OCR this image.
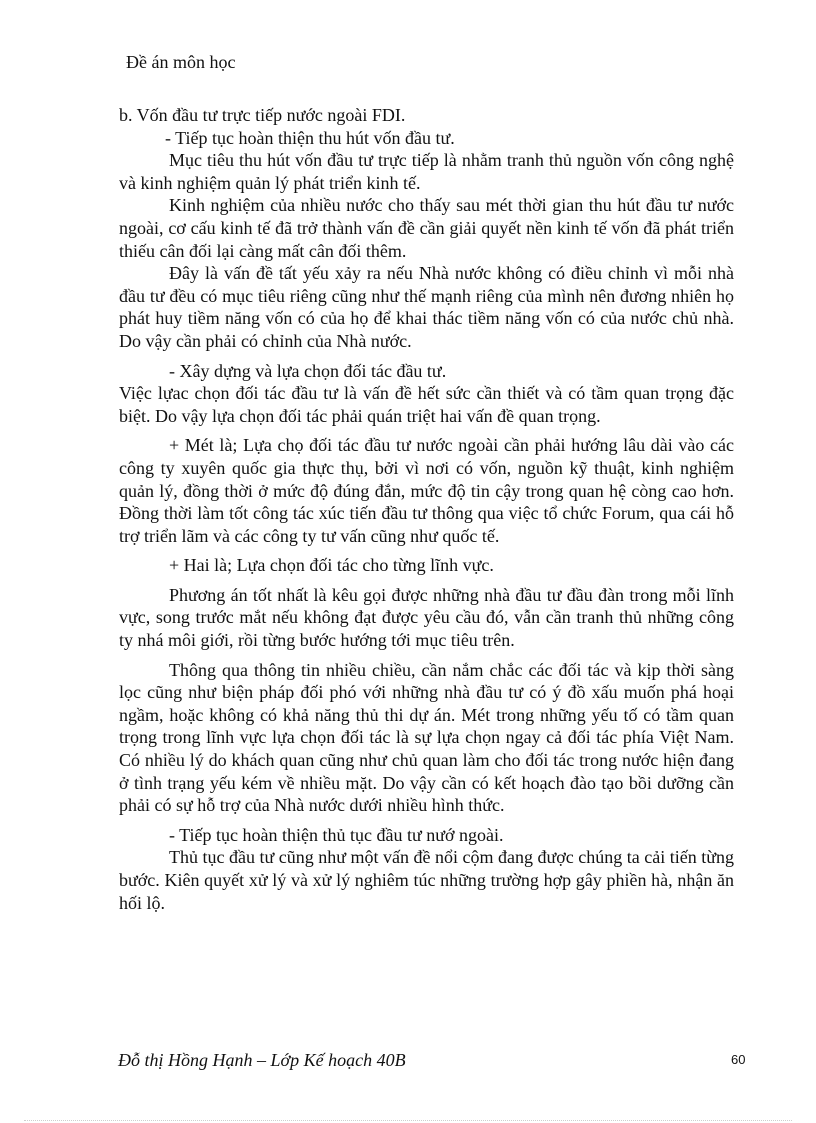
Đề án môn học

b. Vốn đầu tư trực tiếp nước ngoài FDI.

- Tiếp tục hoàn thiện thu hút vốn đầu tư.

Mục tiêu thu hút vốn đầu tư trực tiếp là nhằm tranh thủ nguồn vốn công nghệ và kinh nghiệm quản lý phát triển kinh tế.

Kinh nghiệm của nhiều nước cho thấy sau mét thời gian thu hút đầu tư nước ngoài, cơ cấu kinh tế đã trở thành vấn đề cần giải quyết nền kinh tế vốn đã phát triển thiếu cân đối lại càng mất cân đối thêm.

Đây là vấn đề tất yếu xảy ra nếu Nhà nước không có điều chỉnh vì mỗi nhà đầu tư đều có mục tiêu riêng cũng như thế mạnh riêng của mình nên đương nhiên họ phát huy tiềm năng vốn có của họ để khai thác tiềm năng vốn có của nước chủ nhà. Do vậy cần phải có chỉnh của Nhà nước.

- Xây dựng và lựa chọn đối tác đầu tư.

Việc lựac chọn đối tác đầu tư là vấn đề hết sức cần thiết và có tầm quan trọng đặc biệt. Do vậy lựa chọn đối tác phải quán triệt hai vấn đề quan trọng.

+ Mét là; Lựa chọ đối tác đầu tư nước ngoài cần phải hướng lâu dài vào các công ty xuyên quốc gia thực thụ, bởi vì nơi có vốn, nguồn kỹ thuật, kinh nghiệm quản lý, đồng thời ở mức độ đúng đắn, mức độ tin cậy trong quan hệ còng cao hơn. Đồng thời làm tốt công tác xúc tiến đầu tư thông qua việc tổ chức Forum, qua cái hỗ trợ triển lãm và các công ty tư vấn cũng như quốc tế.

+ Hai là; Lựa chọn đối tác cho từng lĩnh vực.

Phương án tốt nhất là kêu gọi được những nhà đầu tư đầu đàn trong mỗi lĩnh vực, song trước mắt nếu không đạt được yêu cầu đó, vẫn cần tranh thủ những công ty nhá môi giới, rồi từng bước hướng tới mục tiêu trên.

Thông qua thông tin nhiều chiều, cần nắm chắc các đối tác và kịp thời sàng lọc cũng như biện pháp đối phó với những nhà đầu tư có ý đồ xấu muốn phá hoại ngầm, hoặc không có khả năng thủ thi dự án. Mét trong những yếu tố có tầm quan trọng trong lĩnh vực lựa chọn đối tác là sự lựa chọn ngay cả đối tác phía Việt Nam. Có nhiều lý do khách quan cũng như chủ quan làm cho đối tác trong nước hiện đang ở tình trạng yếu kém về nhiều mặt. Do vậy cần có kết hoạch đào tạo bồi dưỡng cần phải có sự hỗ trợ của Nhà nước dưới nhiều hình thức.

- Tiếp tục hoàn thiện thủ tục đầu tư nướ ngoài.

Thủ tục đầu tư cũng như một vấn đề nổi cộm đang được chúng ta cải tiến từng bước. Kiên quyết xử lý và xử lý nghiêm túc những trường hợp gây phiền hà, nhận ăn hối lộ.

Đỗ thị Hồng Hạnh – Lớp Kế hoạch 40B	60
